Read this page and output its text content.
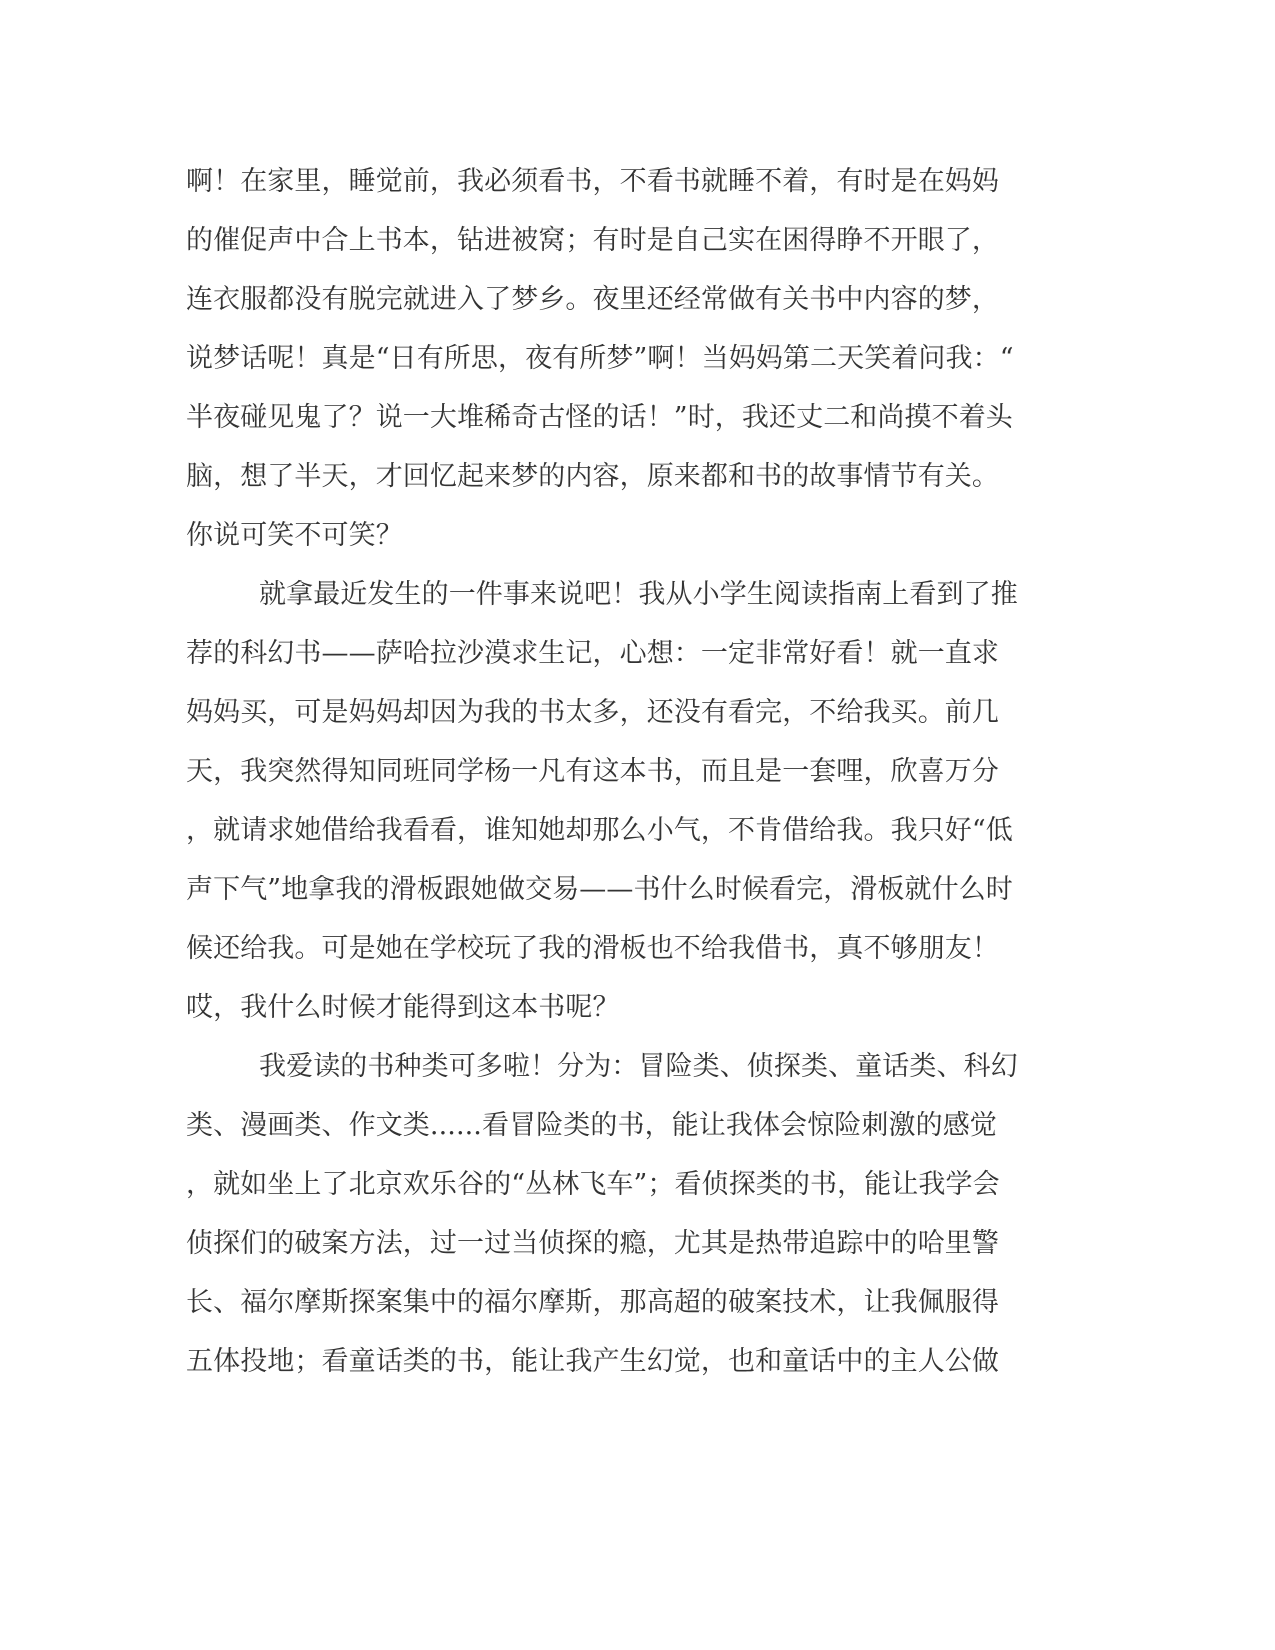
啊！在家里，睡觉前，我必须看书，不看书就睡不着，有时是在妈妈

的催促声中合上书本，钻进被窝；有时是自己实在困得睁不开眼了，

连衣服都没有脱完就进入了梦乡。夜里还经常做有关书中内容的梦，

说梦话呢！真是“日有所思，夜有所梦”啊！当妈妈第二天笑着问我：“

半夜碰见鬼了？说一大堆稀奇古怪的话！”时，我还丈二和尚摸不着头

脑，想了半天，才回忆起来梦的内容，原来都和书的故事情节有关。

你说可笑不可笑？

就拿最近发生的一件事来说吧！我从小学生阅读指南上看到了推

荐的科幻书——萨哈拉沙漠求生记，心想：一定非常好看！就一直求

妈妈买，可是妈妈却因为我的书太多，还没有看完，不给我买。前几

天，我突然得知同班同学杨一凡有这本书，而且是一套哩，欣喜万分

，就请求她借给我看看，谁知她却那么小气，不肯借给我。我只好“低

声下气”地拿我的滑板跟她做交易——书什么时候看完，滑板就什么时

候还给我。可是她在学校玩了我的滑板也不给我借书，真不够朋友！

哎，我什么时候才能得到这本书呢？

我爱读的书种类可多啦！分为：冒险类、侦探类、童话类、科幻

类、漫画类、作文类......看冒险类的书，能让我体会惊险刺激的感觉

，就如坐上了北京欢乐谷的“丛林飞车”；看侦探类的书，能让我学会

侦探们的破案方法，过一过当侦探的瘾，尤其是热带追踪中的哈里警

长、福尔摩斯探案集中的福尔摩斯，那高超的破案技术，让我佩服得

五体投地；看童话类的书，能让我产生幻觉，也和童话中的主人公做
